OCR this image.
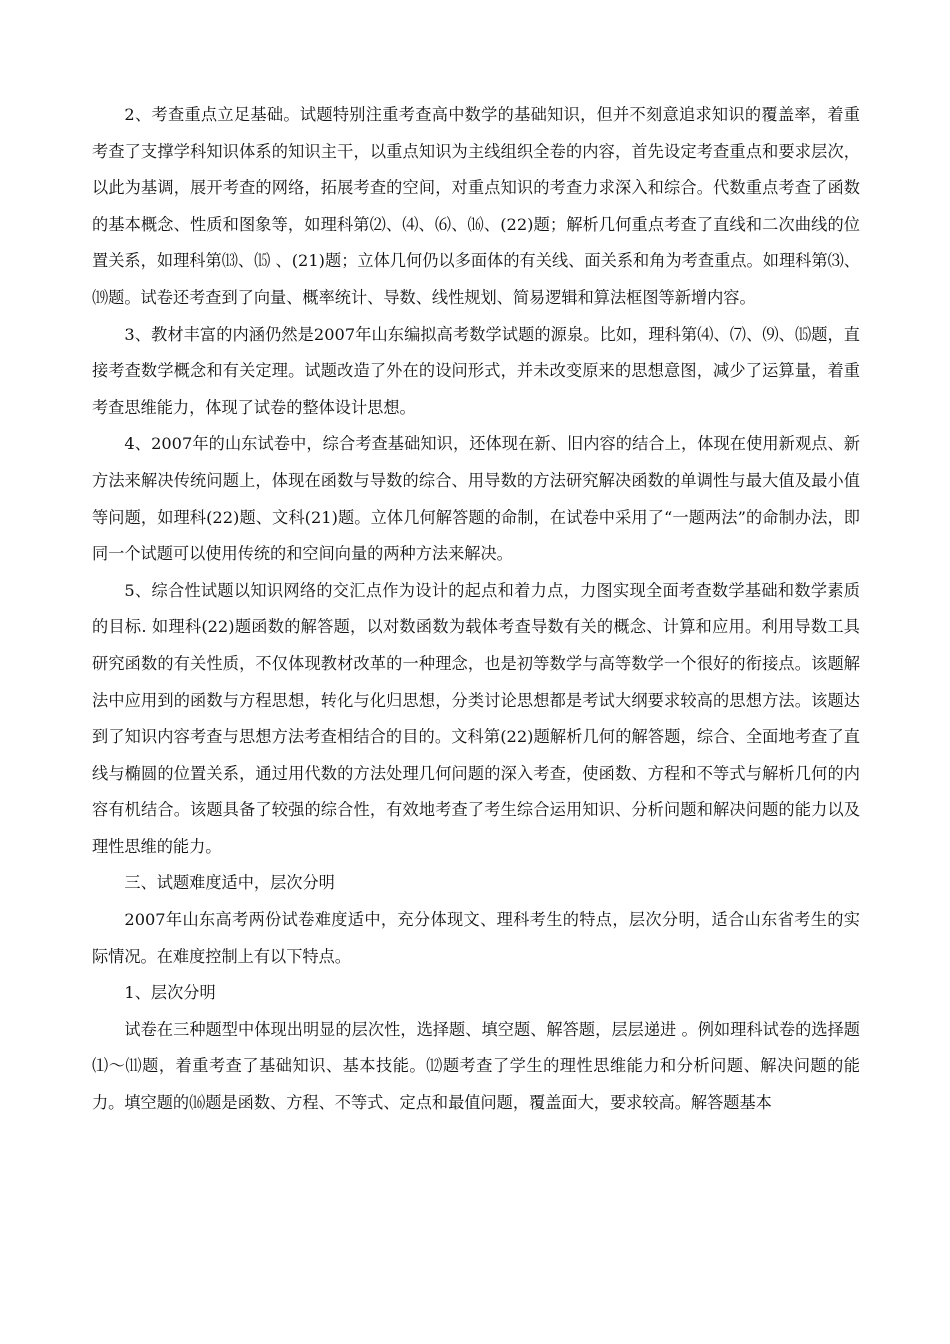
2、考查重点立足基础。试题特别注重考查高中数学的基础知识，但并不刻意追求知识的覆盖率，着重考查了支撑学科知识体系的知识主干，以重点知识为主线组织全卷的内容，首先设定考查重点和要求层次，以此为基调，展开考查的网络，拓展考查的空间，对重点知识的考查力求深入和综合。代数重点考查了函数的基本概念、性质和图象等，如理科第⑵、⑷、⑹、⒃、(22)题；解析几何重点考查了直线和二次曲线的位置关系，如理科第⒀、⒂ 、(21)题；立体几何仍以多面体的有关线、面关系和角为考查重点。如理科第⑶、⒆题。试卷还考查到了向量、概率统计、导数、线性规划、简易逻辑和算法框图等新增内容。

3、教材丰富的内涵仍然是2007年山东编拟高考数学试题的源泉。比如，理科第⑷、⑺、⑼、⒂题，直接考查数学概念和有关定理。试题改造了外在的设问形式，并未改变原来的思想意图，减少了运算量，着重考查思维能力，体现了试卷的整体设计思想。

4、2007年的山东试卷中，综合考查基础知识，还体现在新、旧内容的结合上，体现在使用新观点、新方法来解决传统问题上，体现在函数与导数的综合、用导数的方法研究解决函数的单调性与最大值及最小值等问题，如理科(22)题、文科(21)题。立体几何解答题的命制，在试卷中采用了“一题两法”的命制办法，即同一个试题可以使用传统的和空间向量的两种方法来解决。

5、综合性试题以知识网络的交汇点作为设计的起点和着力点，力图实现全面考查数学基础和数学素质的目标. 如理科(22)题函数的解答题，以对数函数为载体考查导数有关的概念、计算和应用。利用导数工具研究函数的有关性质，不仅体现教材改革的一种理念，也是初等数学与高等数学一个很好的衔接点。该题解法中应用到的函数与方程思想，转化与化归思想，分类讨论思想都是考试大纲要求较高的思想方法。该题达到了知识内容考查与思想方法考查相结合的目的。文科第(22)题解析几何的解答题，综合、全面地考查了直线与椭圆的位置关系，通过用代数的方法处理几何问题的深入考查，使函数、方程和不等式与解析几何的内容有机结合。该题具备了较强的综合性，有效地考查了考生综合运用知识、分析问题和解决问题的能力以及理性思维的能力。

三、试题难度适中，层次分明

2007年山东高考两份试卷难度适中，充分体现文、理科考生的特点，层次分明，适合山东省考生的实际情况。在难度控制上有以下特点。

1、层次分明

试卷在三种题型中体现出明显的层次性，选择题、填空题、解答题，层层递进 。例如理科试卷的选择题⑴～⑾题，着重考查了基础知识、基本技能。⑿题考查了学生的理性思维能力和分析问题、解决问题的能力。填空题的⒃题是函数、方程、不等式、定点和最值问题，覆盖面大，要求较高。解答题基本
